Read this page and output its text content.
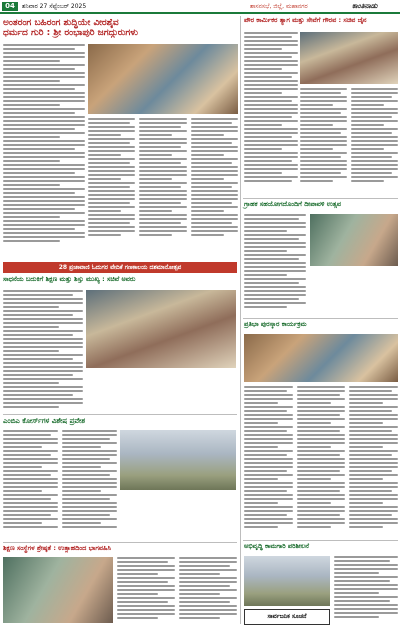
04	ಶನಿವಾರ 27 ಸೆಪ್ಟೆಂಬರ್ 2025	ಶಾಸನಸಭೆ, ಜಿಲ್ಲೆ, ಮಹಾನಗರ	ಕಾಂತಿನಾಡು
ಅಂತರಂಗ ಬಹಿರಂಗ ಶುದ್ಧಿಯೇ ವೀರಶೈವ
ಧರ್ಮದ ಗುರಿ : ಶ್ರೀ ರಂಭಾಪುರಿ ಜಗದ್ಗುರುಗಳು
ಪೌರ ಕಾರ್ಮಿಕರ ತ್ಯಾಗ ಮತ್ತು ಸೇವೆಗೆ ಗೌರವ : ಸಚಿವ ಜೈನ
ಗ್ರಾಹಕ ಸಹಯೋಗದೊಂದಿಗೆ ದೀಪಾವಳಿ ಉತ್ಸವ
ಪ್ರತಿಭಾ ಪುರಸ್ಕಾರ ಕಾರ್ಯಕ್ರಮ
28 ಪ್ರಜಾವಾಣಿ ಓದುಗರ ವೇದಿಕೆ ಗಣಕಾಲಯ ದಶಮಾನೋತ್ಸವ
ಸಾಧನೆಯ ಬದುಕಿಗೆ ಶಿಕ್ಷಣ ಮತ್ತು ಶಿಸ್ತು ಮುಖ್ಯ : ಸಚಿವೆ ಅವರು
ಎಂಬಿಎ ಕೋರ್ಸ್‌ಗಳ ವಿಶೇಷ ಪ್ರವೇಶ
ಶಿಕ್ಷಣ ಸಂಸ್ಥೆಗಳ ಶ್ರೇಷ್ಠತೆ : ಉತ್ಸಾಹದಿಂದ ಭಾಗವಹಿಸಿ	ಅಭಿವೃದ್ಧಿ ಕಾಮಗಾರಿ ಪರಿಶೀಲನೆ
ಸಾರ್ವಜನಿಕ ಸೂಚನೆ
